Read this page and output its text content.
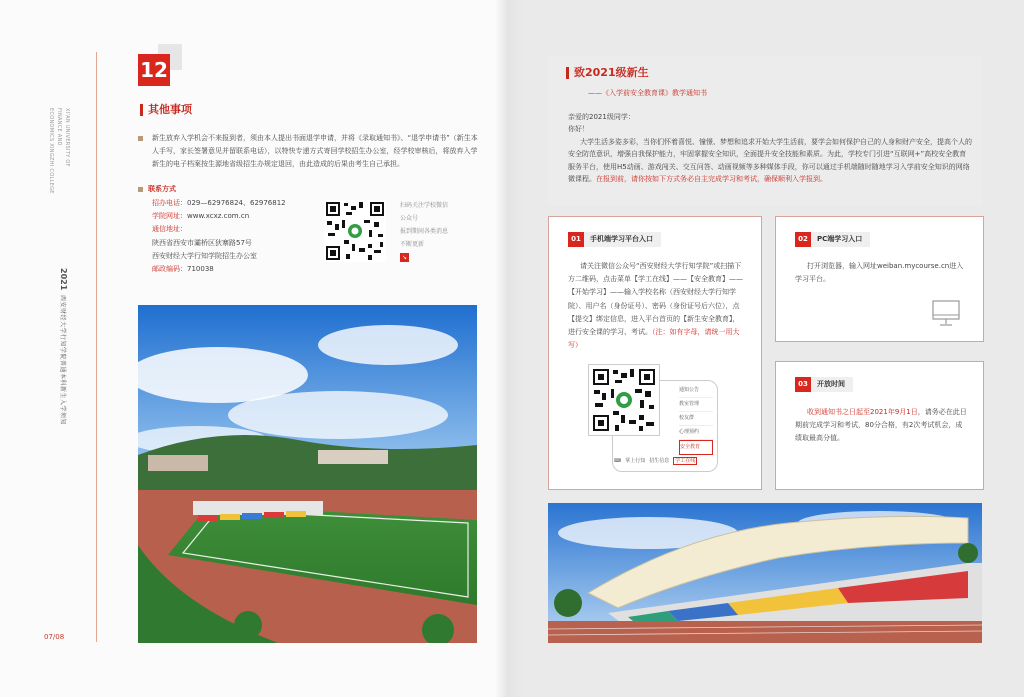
XI'AN UNIVERSITY OF
FINANCE AND
ECONOMICS XINGZHI COLLEGE
2021
西安财经大学行知学院普通本科新生入学须知
07/08
12
其他事项
新生放弃入学机会不来报到者，须由本人提出书面退学申请，并将《录取通知书》、“退学申请书”（新生本人手写，家长签署意见并留联系电话），以特快专递方式寄回学校招生办公室，经学校审核后，将放弃入学新生的电子档案按生源地省级招生办规定退回，由此造成的后果由考生自己承担。
联系方式
招办电话：029—62976824、62976812
学院网址：www.xcxz.com.cn
通信地址：
陕西省西安市灞桥区狄寨路57号
西安财经大学行知学院招生办公室
邮政编码：710038
扫码关注学校微信
公众号
报到期间各类消息
不断更新
↘
致2021级新生
——《入学前安全教育课》教学通知书

亲爱的2021级同学：

你好！

大学生活多姿多彩，当你们怀着喜悦、憧憬、梦想和追求开始大学生活前，要学会如何保护自己的人身和财产安全，提高个人的安全防范意识，增强自我保护能力，牢固掌握安全知识，全面提升安全技能和素质。为此，学校专门引进“互联网+”高校安全教育服务平台，使用H5动画、游戏闯关、交互问答、动画视频等多种媒体手段，你可以通过手机端随时随地学习入学前安全知识的网络微课程。在报到前，请你按如下方式务必自主完成学习和考试，确保顺利入学报到。

01	手机端学习平台入口
请关注微信公众号“西安财经大学行知学院”或扫描下方二维码，点击菜单【学工在线】——【安全教育】——【开始学习】——输入学校名称（西安财经大学行知学院）、用户名（身份证号）、密码（身份证号后六位），点【提交】绑定信息，进入平台首页的【新生安全教育】，进行安全课的学习、考试。（注：如有字母，请统一用大写）
通知公告
教室管理
校友群
心理预约
安全教育
⌨ 掌上行知 招生信息 学工在线
02	PC端学习入口
打开浏览器，输入网址weiban.mycourse.cn进入学习平台。
03	开放时间
收到通知书之日起至2021年9月1日，请务必在此日期前完成学习和考试，80分合格，有2次考试机会，成绩取最高分值。
